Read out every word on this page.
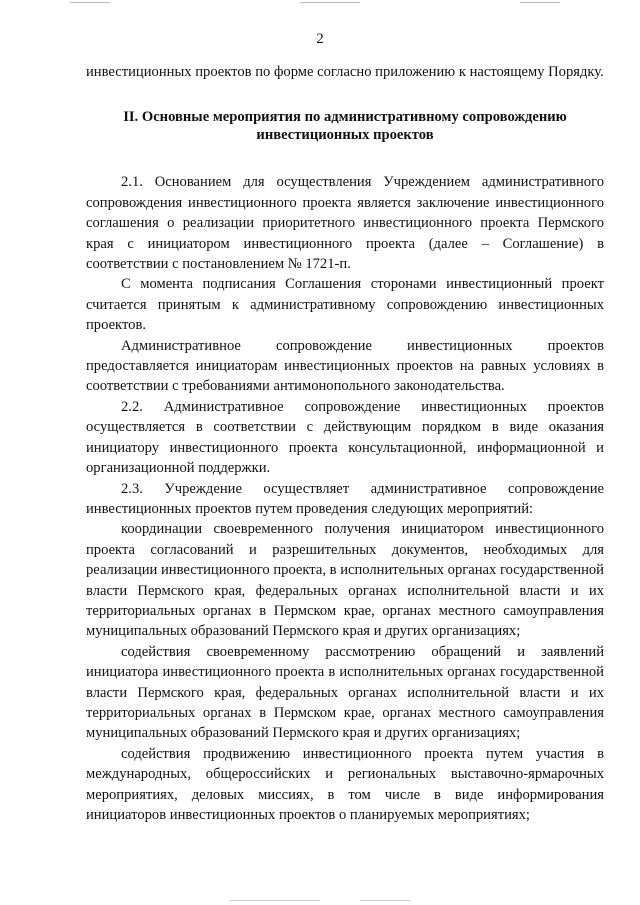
2

инвестиционных проектов по форме согласно приложению к настоящему Порядку.

II. Основные мероприятия по административному сопровождению инвестиционных проектов

2.1. Основанием для осуществления Учреждением административного сопровождения инвестиционного проекта является заключение инвестиционного соглашения о реализации приоритетного инвестиционного проекта Пермского края с инициатором инвестиционного проекта (далее – Соглашение) в соответствии с постановлением № 1721-п.

С момента подписания Соглашения сторонами инвестиционный проект считается принятым к административному сопровождению инвестиционных проектов.

Административное сопровождение инвестиционных проектов предоставляется инициаторам инвестиционных проектов на равных условиях в соответствии с требованиями антимонопольного законодательства.

2.2. Административное сопровождение инвестиционных проектов осуществляется в соответствии с действующим порядком в виде оказания инициатору инвестиционного проекта консультационной, информационной и организационной поддержки.

2.3. Учреждение осуществляет административное сопровождение инвестиционных проектов путем проведения следующих мероприятий:

координации своевременного получения инициатором инвестиционного проекта согласований и разрешительных документов, необходимых для реализации инвестиционного проекта, в исполнительных органах государственной власти Пермского края, федеральных органах исполнительной власти и их территориальных органах в Пермском крае, органах местного самоуправления муниципальных образований Пермского края и других организациях;

содействия своевременному рассмотрению обращений и заявлений инициатора инвестиционного проекта в исполнительных органах государственной власти Пермского края, федеральных органах исполнительной власти и их территориальных органах в Пермском крае, органах местного самоуправления муниципальных образований Пермского края и других организациях;

содействия продвижению инвестиционного проекта путем участия в международных, общероссийских и региональных выставочно-ярмарочных мероприятиях, деловых миссиях, в том числе в виде информирования инициаторов инвестиционных проектов о планируемых мероприятиях;
